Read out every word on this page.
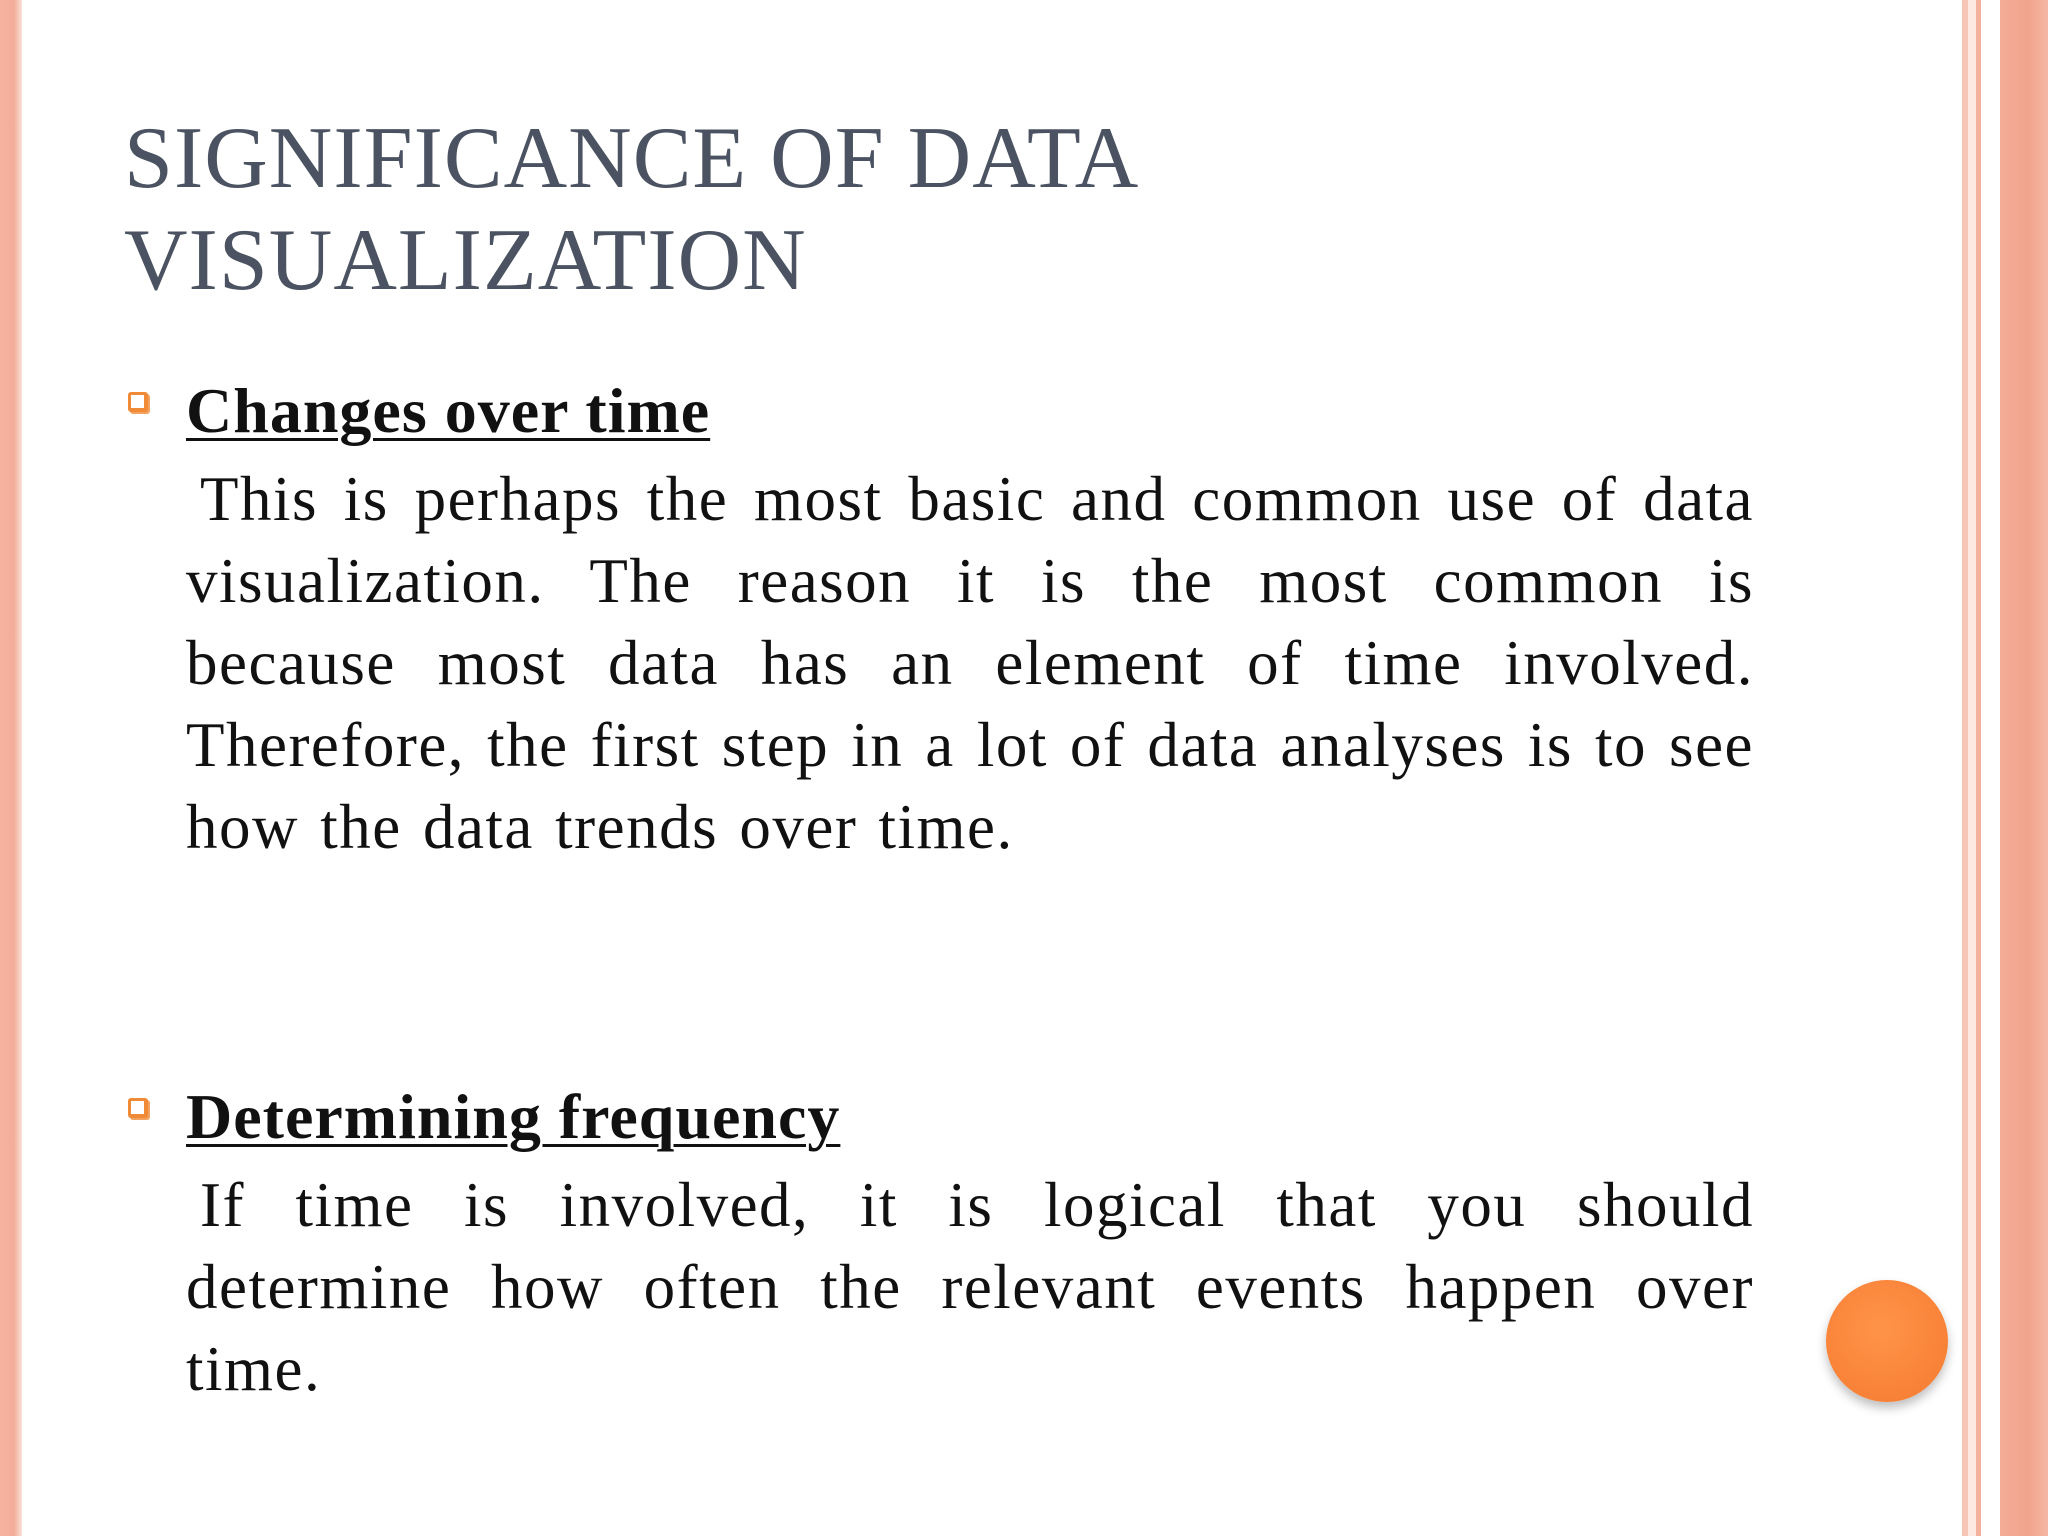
SIGNIFICANCE OF DATA VISUALIZATION
Changes over time

This is perhaps the most basic and common use of data visualization. The reason it is the most common is because most data has an element of time involved. Therefore, the first step in a lot of data analyses is to see how the data trends over time.

Determining frequency

If time is involved, it is logical that you should determine how often the relevant events happen over time.
